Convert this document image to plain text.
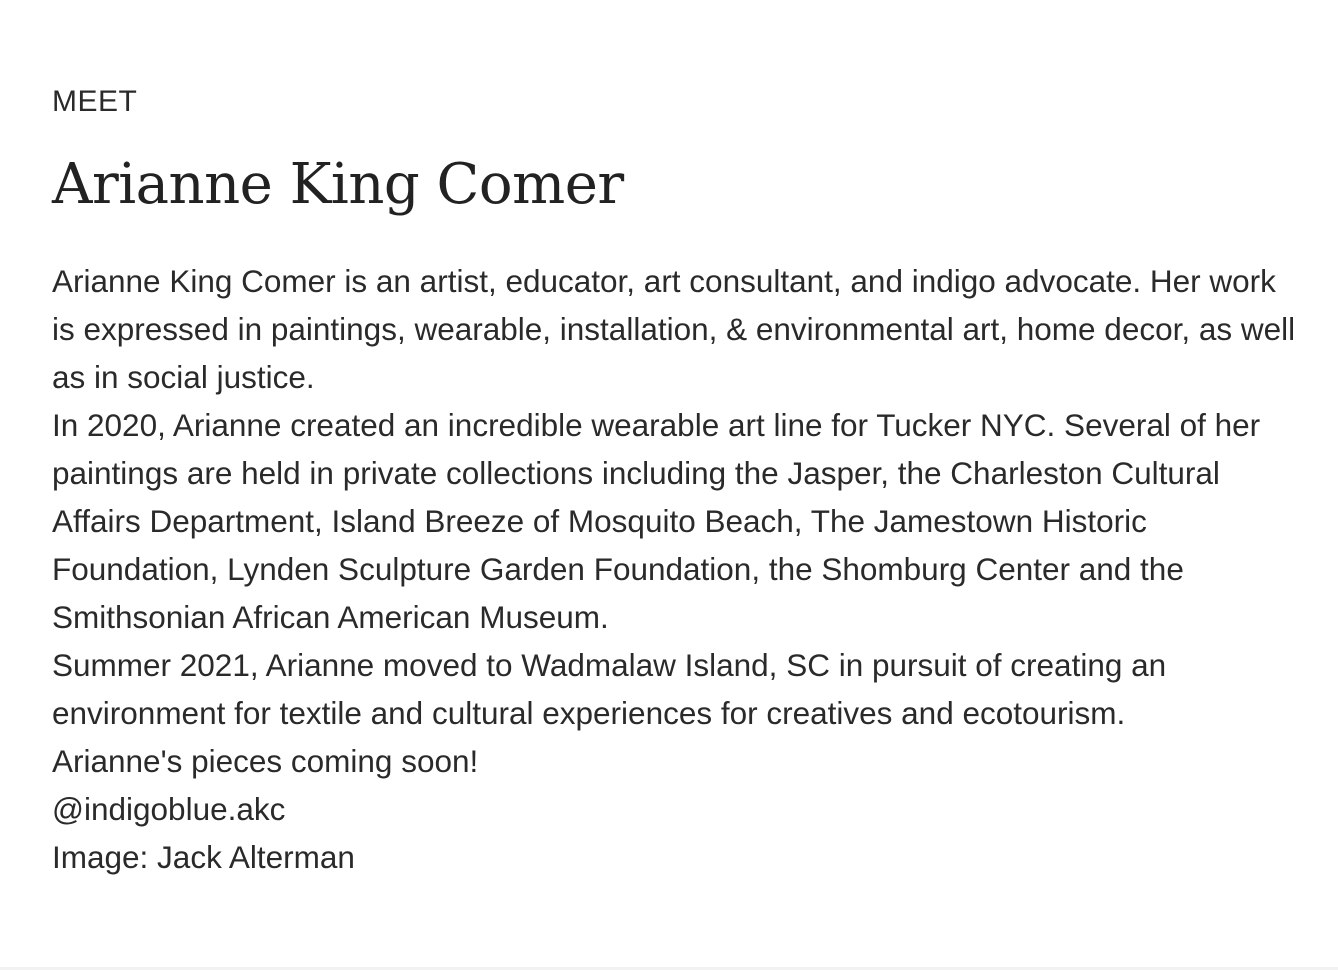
MEET

Arianne King Comer

Arianne King Comer is an artist, educator, art consultant, and indigo advocate. Her work is expressed in paintings, wearable, installation, & environmental art, home decor, as well as in social justice.

In 2020, Arianne created an incredible wearable art line for Tucker NYC. Several of her paintings are held in private collections including the Jasper, the Charleston Cultural Affairs Department, Island Breeze of Mosquito Beach, The Jamestown Historic Foundation, Lynden Sculpture Garden Foundation, the Shomburg Center and the Smithsonian African American Museum.

Summer 2021, Arianne moved to Wadmalaw Island, SC in pursuit of creating an environment for textile and cultural experiences for creatives and ecotourism.

Arianne's pieces coming soon!

@indigoblue.akc

Image: Jack Alterman
